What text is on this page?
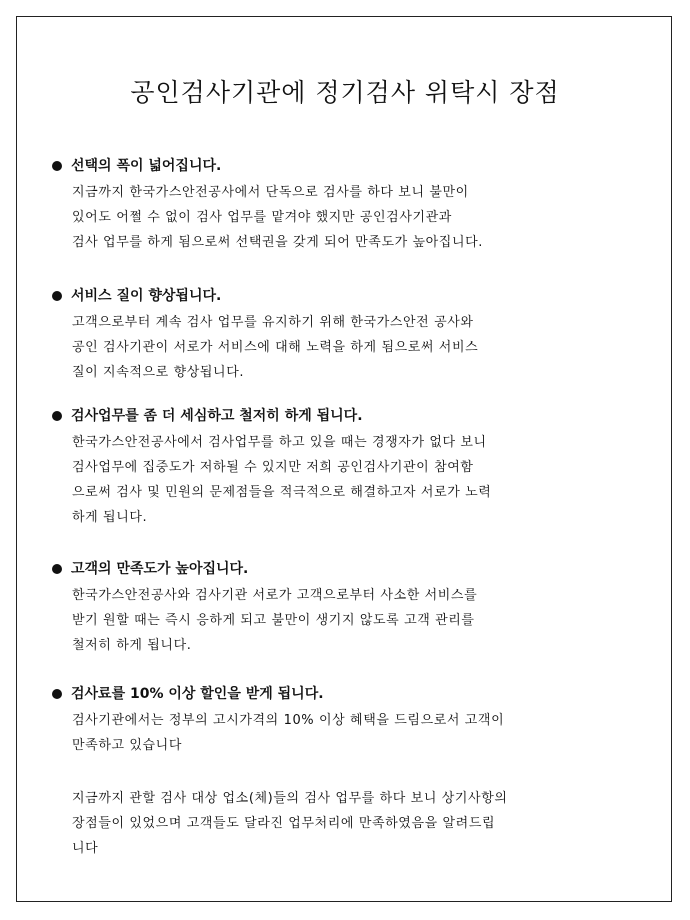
공인검사기관에 정기검사 위탁시 장점
선택의 폭이 넓어집니다.
지금까지 한국가스안전공사에서 단독으로 검사를 하다 보니 불만이
있어도 어쩔 수 없이 검사 업무를 맡겨야 했지만 공인검사기관과
검사 업무를 하게 됨으로써 선택권을 갖게 되어 만족도가 높아집니다.
서비스 질이 향상됩니다.
고객으로부터 계속 검사 업무를 유지하기 위해 한국가스안전 공사와
공인 검사기관이 서로가 서비스에 대해 노력을 하게 됨으로써 서비스
질이 지속적으로 향상됩니다.
검사업무를 좀 더 세심하고 철저히 하게 됩니다.
한국가스안전공사에서 검사업무를 하고 있을 때는 경쟁자가 없다 보니
검사업무에 집중도가 저하될 수 있지만 저희 공인검사기관이 참여함
으로써 검사 및 민원의 문제점들을 적극적으로 해결하고자 서로가 노력
하게 됩니다.
고객의 만족도가 높아집니다.
한국가스안전공사와 검사기관 서로가 고객으로부터 사소한 서비스를
받기 원할 때는 즉시 응하게 되고 불만이 생기지 않도록 고객 관리를
철저히 하게 됩니다.
검사료를 10% 이상 할인을 받게 됩니다.
검사기관에서는 정부의 고시가격의 10% 이상 혜택을 드림으로서 고객이
만족하고 있습니다
지금까지 관할 검사 대상 업소(체)들의 검사 업무를 하다 보니 상기사항의
장점들이 있었으며 고객들도 달라진 업무처리에 만족하였음을 알려드립
니다
